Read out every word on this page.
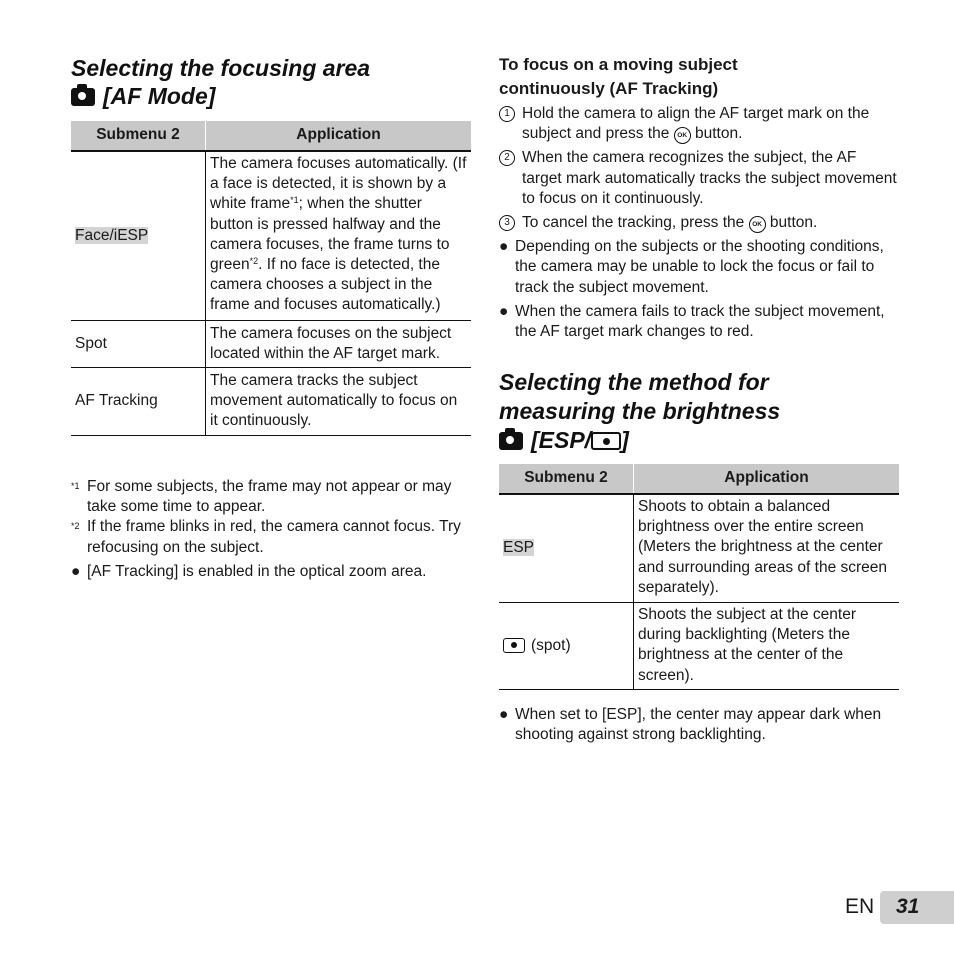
Selecting the focusing area
[AF Mode]
Submenu 2	Application
Face/iESP	The camera focuses automatically. (If a face is detected, it is shown by a white frame$^{*1}$; when the shutter button is pressed halfway and the camera focuses, the frame turns to green$^{*2}$. If no face is detected, the camera chooses a subject in the frame and focuses automatically.)
Spot	The camera focuses on the subject located within the AF target mark.
AF Tracking	The camera tracks the subject movement automatically to focus on it continuously.
*1 For some subjects, the frame may not appear or may take some time to appear.
*2 If the frame blinks in red, the camera cannot focus. Try refocusing on the subject.
● [AF Tracking] is enabled in the optical zoom area.
To focus on a moving subject continuously (AF Tracking)
1 Hold the camera to align the AF target mark on the subject and press the OK button.
2 When the camera recognizes the subject, the AF target mark automatically tracks the subject movement to focus on it continuously.
3 To cancel the tracking, press the OK button.
● Depending on the subjects or the shooting conditions, the camera may be unable to lock the focus or fail to track the subject movement.
● When the camera fails to track the subject movement, the AF target mark changes to red.
Selecting the method for
measuring the brightness
[ESP/ ]
Submenu 2	Application
ESP	Shoots to obtain a balanced brightness over the entire screen (Meters the brightness at the center and surrounding areas of the screen separately).

(spot)	Shoots the subject at the center during backlighting (Meters the brightness at the center of the screen).
● When set to [ESP], the center may appear dark when shooting against strong backlighting.
EN 31
